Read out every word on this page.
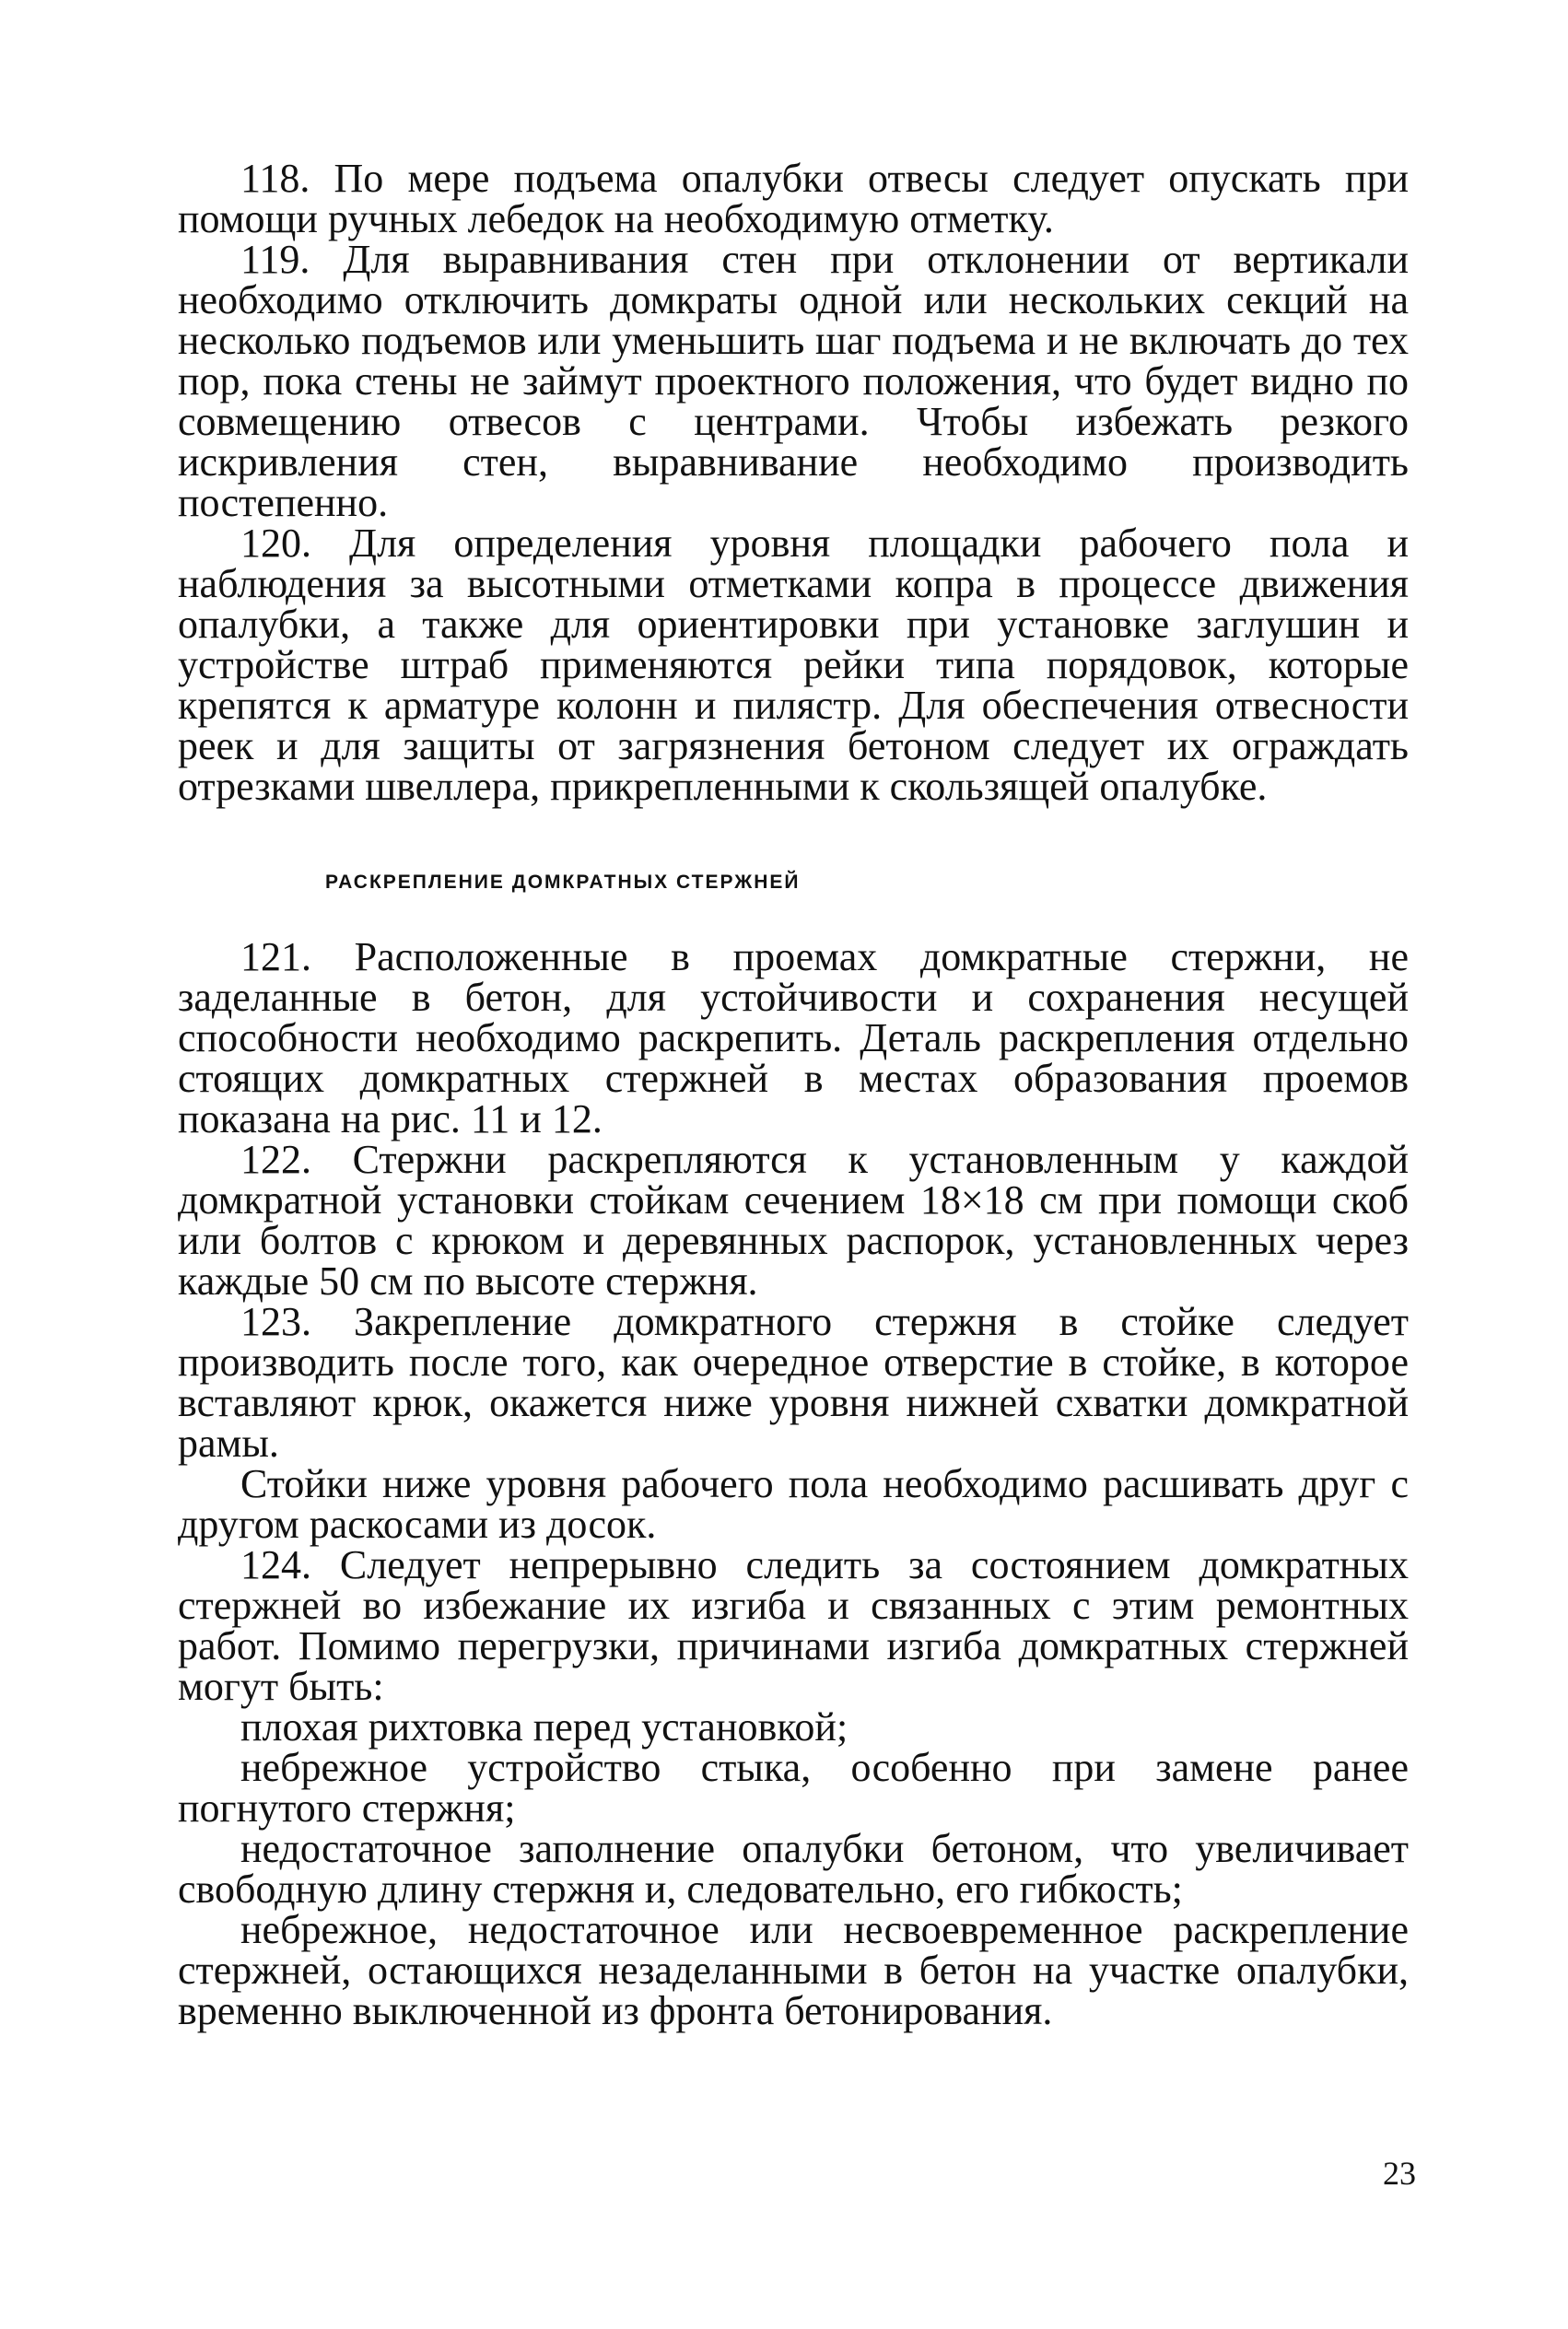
118. По мере подъема опалубки отвесы следует опускать при помощи ручных лебедок на необходимую отметку.

119. Для выравнивания стен при отклонении от вертикали необходимо отключить домкраты одной или нескольких секций на несколько подъемов или уменьшить шаг подъема и не включать до тех пор, пока стены не займут проектного положения, что будет видно по совмещению отвесов с центрами. Чтобы избежать резкого искривления стен, выравнивание необходимо производить постепенно.

120. Для определения уровня площадки рабочего пола и наблюдения за высотными отметками копра в процессе движения опалубки, а также для ориентировки при установке заглушин и устройстве штраб применяются рейки типа порядовок, которые крепятся к арматуре колонн и пилястр. Для обеспечения отвесности реек и для защиты от загрязнения бетоном следует их ограждать отрезками швеллера, прикрепленными к скользящей опалубке.

РАСКРЕПЛЕНИЕ ДОМКРАТНЫХ СТЕРЖНЕЙ

121. Расположенные в проемах домкратные стержни, не заделанные в бетон, для устойчивости и сохранения несущей способности необходимо раскрепить. Деталь раскрепления отдельно стоящих домкратных стержней в местах образования проемов показана на рис. 11 и 12.

122. Стержни раскрепляются к установленным у каждой домкратной установки стойкам сечением 18×18 см при помощи скоб или болтов с крюком и деревянных распорок, установленных через каждые 50 см по высоте стержня.

123. Закрепление домкратного стержня в стойке следует производить после того, как очередное отверстие в стойке, в которое вставляют крюк, окажется ниже уровня нижней схватки домкратной рамы.

Стойки ниже уровня рабочего пола необходимо расшивать друг с другом раскосами из досок.

124. Следует непрерывно следить за состоянием домкратных стержней во избежание их изгиба и связанных с этим ремонтных работ. Помимо перегрузки, причинами изгиба домкратных стержней могут быть:

плохая рихтовка перед установкой;

небрежное устройство стыка, особенно при замене ранее погнутого стержня;

недостаточное заполнение опалубки бетоном, что увеличивает свободную длину стержня и, следовательно, его гибкость;

небрежное, недостаточное или несвоевременное раскрепление стержней, остающихся незаделанными в бетон на участке опалубки, временно выключенной из фронта бетонирования.

23
